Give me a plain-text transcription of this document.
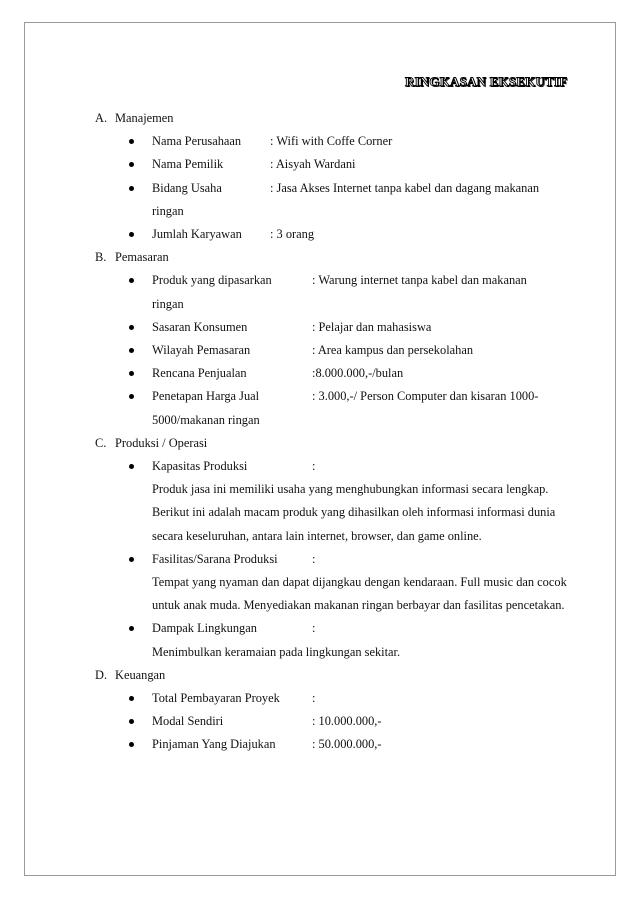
RINGKASAN EKSEKUTIF
A. Manajemen
Nama Perusahaan	: Wifi with Coffe Corner
Nama Pemilik	: Aisyah Wardani
Bidang Usaha	: Jasa Akses Internet tanpa kabel dan dagang makanan
ringan
Jumlah Karyawan	: 3 orang
B. Pemasaran
Produk yang dipasarkan	: Warung internet tanpa kabel dan makanan
ringan
Sasaran Konsumen	: Pelajar dan mahasiswa
Wilayah Pemasaran	: Area kampus dan persekolahan
Rencana Penjualan	:8.000.000,-/bulan
Penetapan Harga Jual	: 3.000,-/ Person Computer dan kisaran 1000-
5000/makanan ringan
C. Produksi / Operasi
Kapasitas Produksi	:
Produk jasa ini memiliki usaha yang menghubungkan informasi secara lengkap. Berikut ini adalah macam produk yang dihasilkan oleh informasi informasi dunia secara keseluruhan, antara lain internet, browser, dan game online.
Fasilitas/Sarana Produksi	:
Tempat yang nyaman dan dapat dijangkau dengan kendaraan. Full music dan cocok untuk anak muda. Menyediakan makanan ringan berbayar dan fasilitas pencetakan.
Dampak Lingkungan	:
Menimbulkan keramaian pada lingkungan sekitar.
D. Keuangan
Total Pembayaran Proyek	:
Modal Sendiri	: 10.000.000,-
Pinjaman Yang Diajukan	: 50.000.000,-
